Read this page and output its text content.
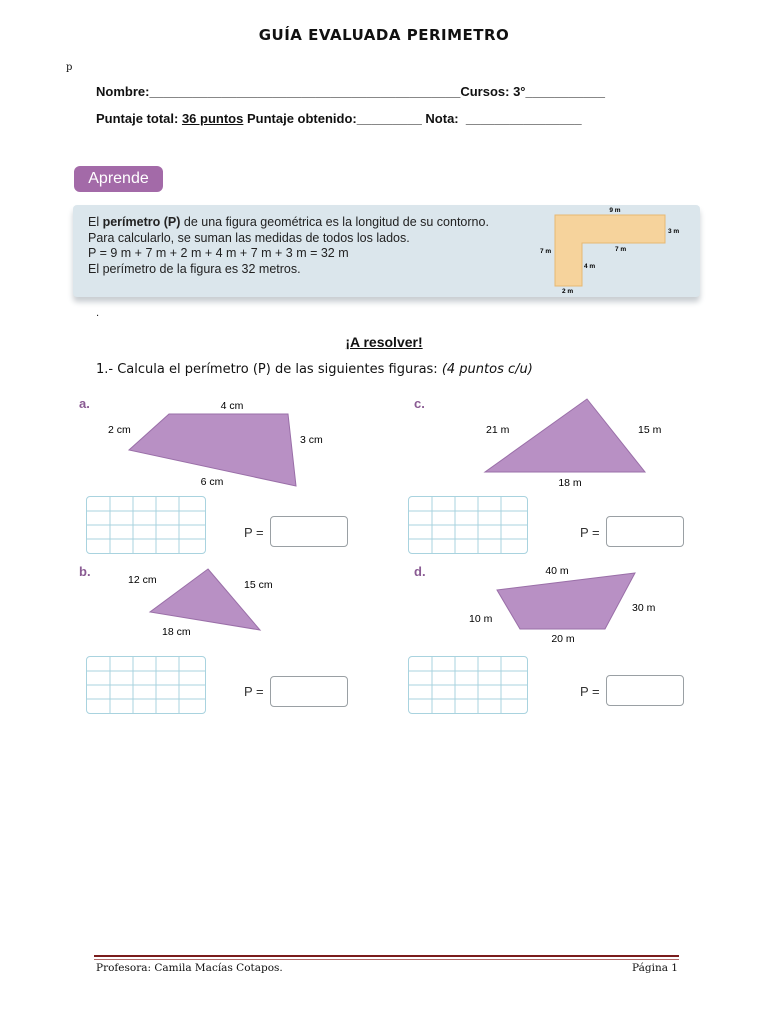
GUÍA EVALUADA PERIMETRO
p
Nombre:___________________________________________Cursos: 3°___________
Puntaje total: 36 puntos Puntaje obtenido:_________ Nota:  ________________
Aprende
El perímetro (P) de una figura geométrica es la longitud de su contorno.
Para calcularlo, se suman las medidas de todos los lados.
P = 9 m + 7 m + 2 m + 4 m + 7 m + 3 m = 32 m
El perímetro de la figura es 32 metros.
9 m
3 m
7 m	7 m
4 m
2 m
.
¡A resolver!
1.- Calcula el perímetro (P) de las siguientes figuras: (4 puntos c/u)
a.	4 cm
2 cm
3 cm
6 cm
c.
21 m	15 m
18 m
P =	P =
b.
12 cm	15 cm
18 cm
d.	40 m
30 m
10 m
20 m
P =	P =
Profesora: Camila Macías Cotapos.	Página 1
